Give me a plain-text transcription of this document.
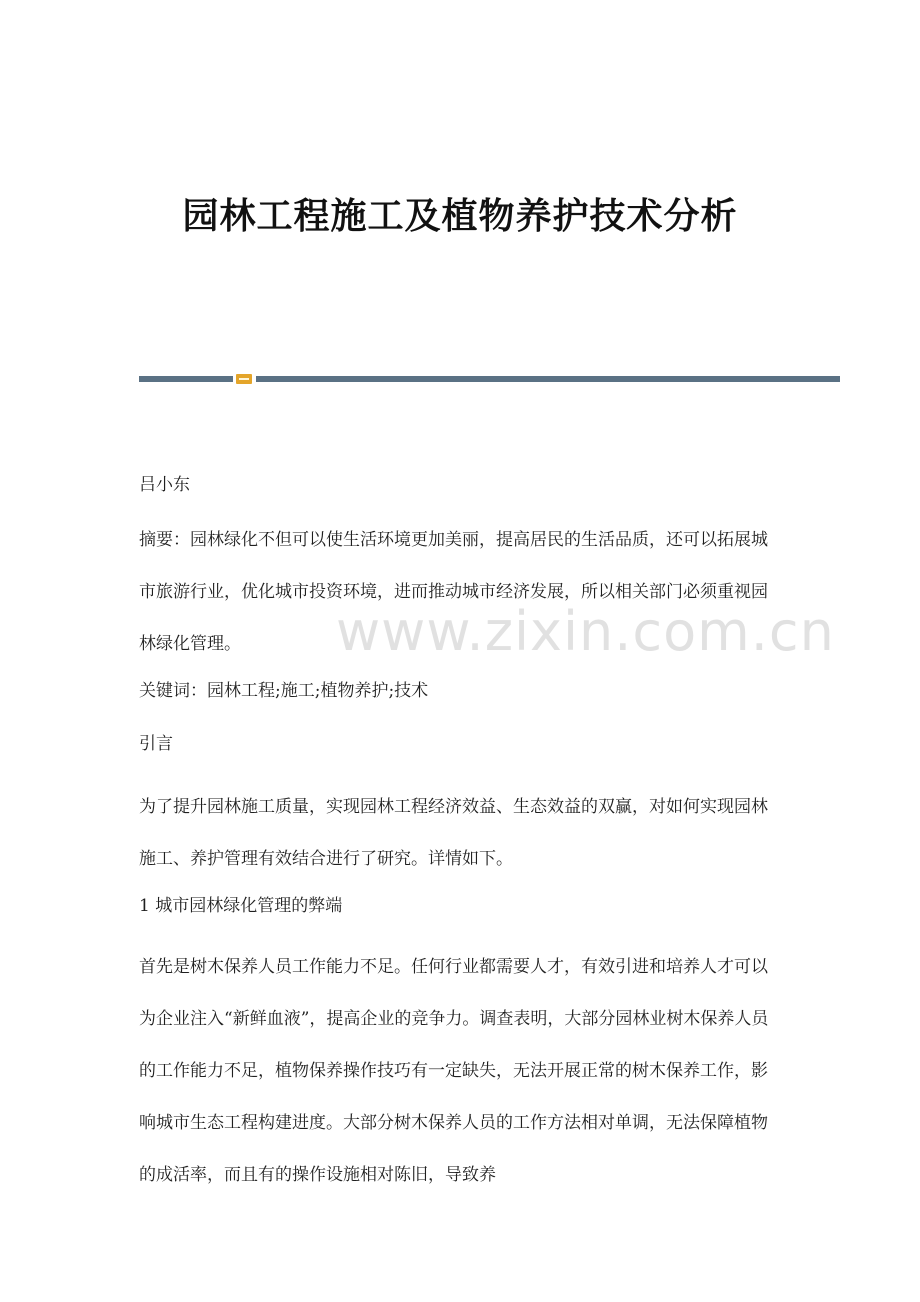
园林工程施工及植物养护技术分析

吕小东

摘要：园林绿化不但可以使生活环境更加美丽，提高居民的生活品质，还可以拓展城市旅游行业，优化城市投资环境，进而推动城市经济发展，所以相关部门必须重视园林绿化管理。

关键词：园林工程;施工;植物养护;技术

引言

为了提升园林施工质量，实现园林工程经济效益、生态效益的双赢，对如何实现园林施工、养护管理有效结合进行了研究。详情如下。

1 城市园林绿化管理的弊端

首先是树木保养人员工作能力不足。任何行业都需要人才，有效引进和培养人才可以为企业注入“新鲜血液”，提高企业的竞争力。调查表明，大部分园林业树木保养人员的工作能力不足，植物保养操作技巧有一定缺失，无法开展正常的树木保养工作，影响城市生态工程构建进度。大部分树木保养人员的工作方法相对单调，无法保障植物的成活率，而且有的操作设施相对陈旧，导致养

www.zixin.com.cn
